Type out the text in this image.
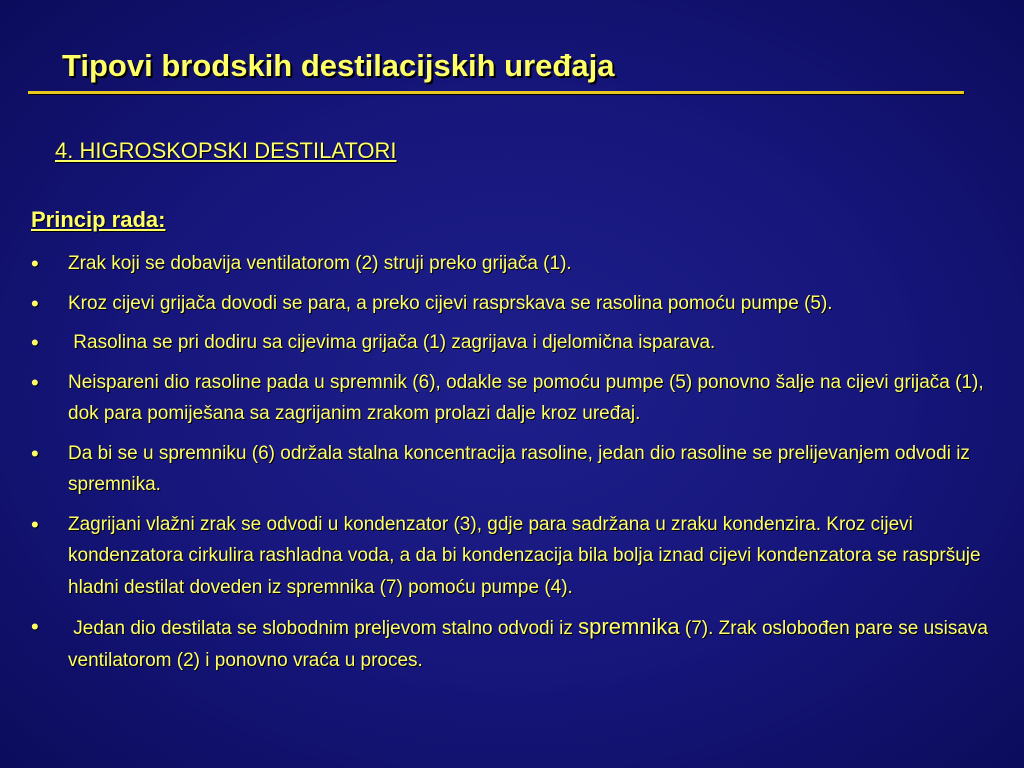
Tipovi brodskih destilacijskih uređaja
4. HIGROSKOPSKI DESTILATORI
Princip rada:
• Zrak koji se dobavija ventilatorom (2) struji preko grijača (1).
• Kroz cijevi grijača dovodi se para, a preko cijevi rasprskava se rasolina pomoću pumpe (5).
• Rasolina se pri dodiru sa cijevima grijača (1) zagrijava i djelomična isparava.
• Neispareni dio rasoline pada u spremnik (6), odakle se pomoću pumpe (5) ponovno šalje na cijevi grijača (1), dok para pomiješana sa zagrijanim zrakom prolazi dalje kroz uređaj.
• Da bi se u spremniku (6) održala stalna koncentracija rasoline, jedan dio rasoline se prelijevanjem odvodi iz spremnika.
• Zagrijani vlažni zrak se odvodi u kondenzator (3), gdje para sadržana u zraku kondenzira. Kroz cijevi kondenzatora cirkulira rashladna voda, a da bi kondenzacija bila bolja iznad cijevi kondenzatora se raspršuje hladni destilat doveden iz spremnika (7) pomoću pumpe (4).
• Jedan dio destilata se slobodnim preljevom stalno odvodi iz spremnika (7). Zrak oslobođen pare se usisava ventilatorom (2) i ponovno vraća u proces.
